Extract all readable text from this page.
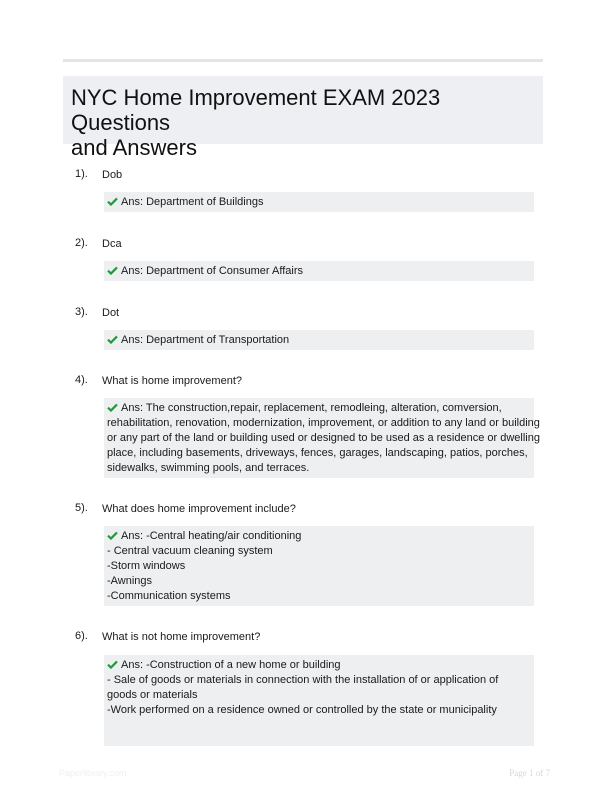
NYC Home Improvement EXAM 2023 Questions
and Answers
1). Dob
Ans: Department of Buildings
2). Dca
Ans: Department of Consumer Affairs
3). Dot
Ans: Department of Transportation
4). What is home improvement?
Ans: The construction,repair, replacement, remodleing, alteration, comversion,
rehabilitation, renovation, modernization, improvement, or addition to any land or building
or any part of the land or building used or designed to be used as a residence or dwelling
place, including basements, driveways, fences, garages, landscaping, patios, porches,
sidewalks, swimming pools, and terraces.
5). What does home improvement include?
Ans: -Central heating/air conditioning
- Central vacuum cleaning system
-Storm windows
-Awnings
-Communication systems
6). What is not home improvement?
Ans: -Construction of a new home or building
- Sale of goods or materials in connection with the installation of or application of
goods or materials
-Work performed on a residence owned or controlled by the state or municipality
Paperlibrary.com	Page 1 of 7
